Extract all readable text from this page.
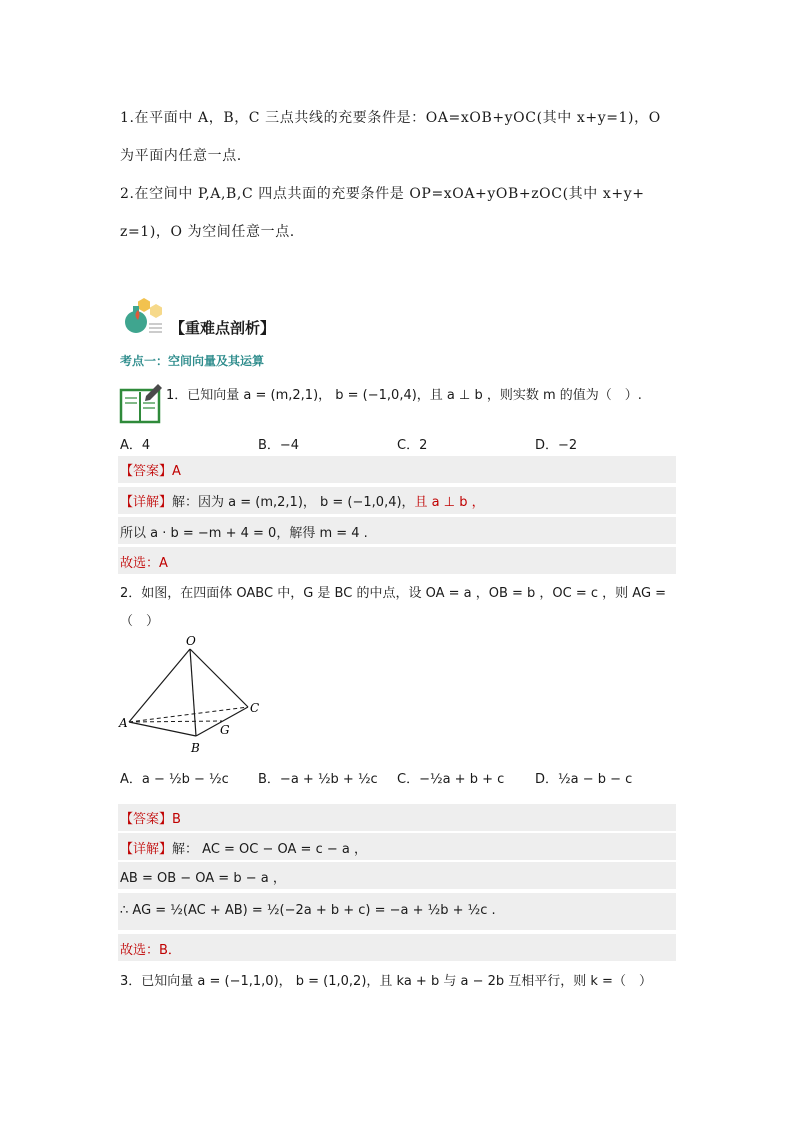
1.在平面中 A，B，C 三点共线的充要条件是：OA=xOB+yOC(其中 x+y=1)，O
为平面内任意一点.
2.在空间中 P,A,B,C 四点共面的充要条件是 OP=xOA+yOB+zOC(其中 x+y+
z=1)，O 为空间任意一点.
【重难点剖析】
考点一：空间向量及其运算
1．已知向量 a = (m,2,1)， b = (−1,0,4)，且 a ⊥ b ，则实数 m 的值为（　）.
A．4	B．−4	C．2	D．−2
【答案】A
【详解】解：因为 a = (m,2,1)， b = (−1,0,4)，且 a ⊥ b ，
所以 a · b = −m + 4 = 0，解得 m = 4 .
故选：A
2．如图，在四面体 OABC 中，G 是 BC 的中点，设 OA = a ，OB = b ，OC = c ，则 AG =
（　）
O
A
B
C
G
A．a − ½b − ½c B．−a + ½b + ½c C．−½a + b + c D．½a − b − c
【答案】B
【详解】解： AC = OC − OA = c − a ，
AB = OB − OA = b − a ，
∴ AG = ½(AC + AB) = ½(−2a + b + c) = −a + ½b + ½c .
故选：B．
3．已知向量 a = (−1,1,0)， b = (1,0,2)，且 ka + b 与 a − 2b 互相平行，则 k =（　）
